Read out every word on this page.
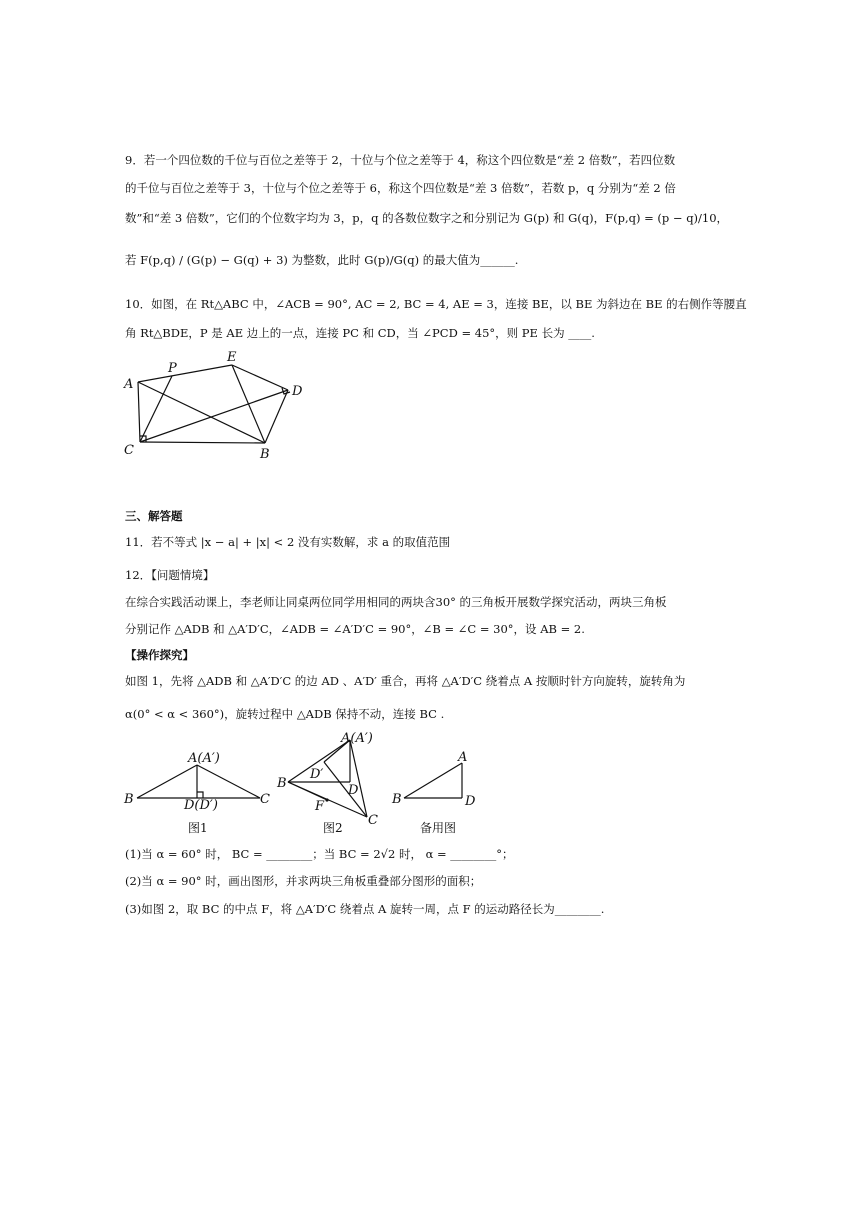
9．若一个四位数的千位与百位之差等于 2，十位与个位之差等于 4，称这个四位数是“差 2 倍数”，若四位数
的千位与百位之差等于 3，十位与个位之差等于 6，称这个四位数是“差 3 倍数”，若数 p，q 分别为“差 2 倍
数”和“差 3 倍数”，它们的个位数字均为 3，p，q 的各数位数字之和分别记为 G(p) 和 G(q)，F(p,q) = (p − q)/10，
若 F(p,q) / (G(p) − G(q) + 3) 为整数，此时 G(p)/G(q) 的最大值为______.
10．如图，在 Rt△ABC 中，∠ACB = 90°, AC = 2, BC = 4, AE = 3，连接 BE，以 BE 为斜边在 BE 的右侧作等腰直
角 Rt△BDE，P 是 AE 边上的一点，连接 PC 和 CD，当 ∠PCD = 45°，则 PE 长为 ____.
A
P
E
D
C	B
三、解答题
11．若不等式 |x − a| + |x| < 2 没有实数解，求 a 的取值范围
12．【问题情境】
在综合实践活动课上，李老师让同桌两位同学用相同的两块含30° 的三角板开展数学探究活动，两块三角板
分别记作 △ADB 和 △A′D′C，∠ADB = ∠A′D′C = 90°，∠B = ∠C = 30°，设 AB = 2.
【操作探究】
如图 1，先将 △ADB 和 △A′D′C 的边 AD 、A′D′ 重合，再将 △A′D′C 绕着点 A 按顺时针方向旋转，旋转角为
α(0° < α < 360°)，旋转过程中 △ADB 保持不动，连接 BC .
A(A′)
B	C
D(D′)
图1
A(A′)
B
C
D
D′
F
图2
A
B	D
备用图
(1)当 α = 60° 时， BC = ________；当 BC = 2√2 时， α = ________°；
(2)当 α = 90° 时，画出图形，并求两块三角板重叠部分图形的面积；
(3)如图 2，取 BC 的中点 F，将 △A′D′C 绕着点 A 旋转一周，点 F 的运动路径长为________.
